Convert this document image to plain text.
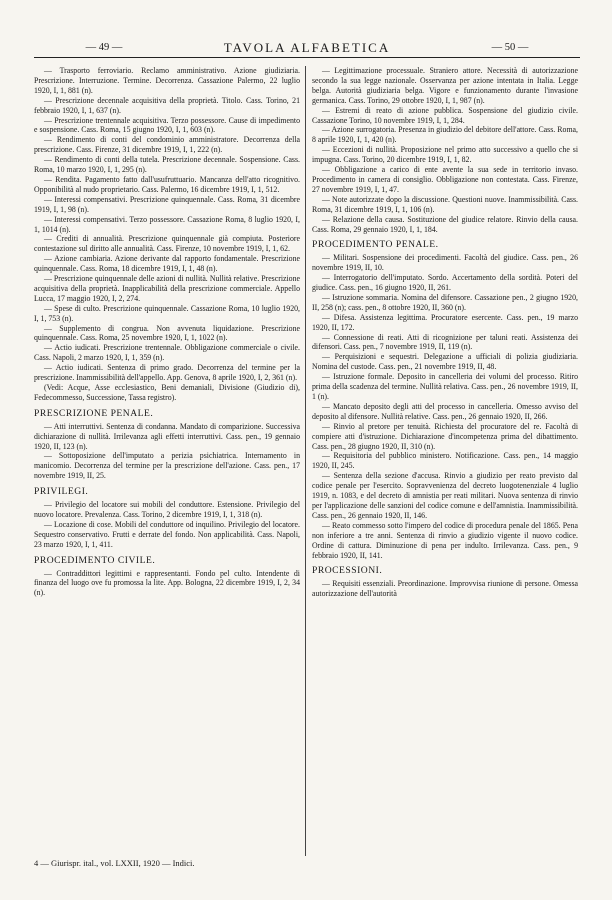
— 49 —	TAVOLA ALFABETICA	— 50 —

— Trasporto ferroviario. Reclamo amministrativo. Azione giudiziaria. Prescrizione. Interruzione. Termine. Decorrenza. Cassazione Palermo, 22 luglio 1920, I, 1, 881 (n).

— Prescrizione decennale acquisitiva della proprietà. Titolo. Cass. Torino, 21 febbraio 1920, I, 1, 637 (n).

— Prescrizione trentennale acquisitiva. Terzo possessore. Cause di impedimento e sospensione. Cass. Roma, 15 giugno 1920, I, 1, 603 (n).

— Rendimento di conti del condominio amministratore. Decorrenza della prescrizione. Cass. Firenze, 31 dicembre 1919, I, 1, 222 (n).

— Rendimento di conti della tutela. Prescrizione decennale. Sospensione. Cass. Roma, 10 marzo 1920, I, 1, 295 (n).

— Rendita. Pagamento fatto dall'usufruttuario. Mancanza dell'atto ricognitivo. Opponibilità al nudo proprietario. Cass. Palermo, 16 dicembre 1919, I, 1, 512.

— Interessi compensativi. Prescrizione quinquennale. Cass. Roma, 31 dicembre 1919, I, 1, 98 (n).

— Interessi compensativi. Terzo possessore. Cassazione Roma, 8 luglio 1920, I, 1, 1014 (n).

— Crediti di annualità. Prescrizione quinquennale già compiuta. Posteriore contestazione sul diritto alle annualità. Cass. Firenze, 10 novembre 1919, I, 1, 62.

— Azione cambiaria. Azione derivante dal rapporto fondamentale. Prescrizione quinquennale. Cass. Roma, 18 dicembre 1919, I, 1, 48 (n).

— Prescrizione quinquennale delle azioni di nullità. Nullità relative. Prescrizione acquisitiva della proprietà. Inapplicabilità della prescrizione commerciale. Appello Lucca, 17 maggio 1920, I, 2, 274.

— Spese di culto. Prescrizione quinquennale. Cassazione Roma, 10 luglio 1920, I, 1, 753 (n).

— Supplemento di congrua. Non avvenuta liquidazione. Prescrizione quinquennale. Cass. Roma, 25 novembre 1920, I, 1, 1022 (n).

— Actio iudicati. Prescrizione trentennale. Obbligazione commerciale o civile. Cass. Napoli, 2 marzo 1920, I, 1, 359 (n).

— Actio iudicati. Sentenza di primo grado. Decorrenza del termine per la prescrizione. Inammissibilità dell'appello. App. Genova, 8 aprile 1920, I, 2, 361 (n).

(Vedi: Acque, Asse ecclesiastico, Beni demaniali, Divisione (Giudizio di), Fedecommesso, Successione, Tassa registro).

PRESCRIZIONE PENALE.

— Atti interruttivi. Sentenza di condanna. Mandato di comparizione. Successiva dichiarazione di nullità. Irrilevanza agli effetti interruttivi. Cass. pen., 19 gennaio 1920, II, 123 (n).

— Sottoposizione dell'imputato a perizia psichiatrica. Internamento in manicomio. Decorrenza del termine per la prescrizione dell'azione. Cass. pen., 17 novembre 1919, II, 25.

PRIVILEGI.

— Privilegio del locatore sui mobili del conduttore. Estensione. Privilegio del nuovo locatore. Prevalenza. Cass. Torino, 2 dicembre 1919, I, 1, 318 (n).

— Locazione di cose. Mobili del conduttore od inquilino. Privilegio del locatore. Sequestro conservativo. Frutti e derrate del fondo. Non applicabilità. Cass. Napoli, 23 marzo 1920, I, 1, 411.

PROCEDIMENTO CIVILE.

— Contraddittori legittimi e rappresentanti. Fondo pel culto. Intendente di finanza del luogo ove fu promossa la lite. App. Bologna, 22 dicembre 1919, I, 2, 34 (n).

— Legittimazione processuale. Straniero attore. Necessità di autorizzazione secondo la sua legge nazionale. Osservanza per azione intentata in Italia. Legge belga. Autorità giudiziaria belga. Vigore e funzionamento durante l'invasione germanica. Cass. Torino, 29 ottobre 1920, I, 1, 987 (n).

— Estremi di reato di azione pubblica. Sospensione del giudizio civile. Cassazione Torino, 10 novembre 1919, I, 1, 284.

— Azione surrogatoria. Presenza in giudizio del debitore dell'attore. Cass. Roma, 8 aprile 1920, I, 1, 420 (n).

— Eccezioni di nullità. Proposizione nel primo atto successivo a quello che si impugna. Cass. Torino, 20 dicembre 1919, I, 1, 82.

— Obbligazione a carico di ente avente la sua sede in territorio invaso. Procedimento in camera di consiglio. Obbligazione non contestata. Cass. Firenze, 27 novembre 1919, I, 1, 47.

— Note autorizzate dopo la discussione. Questioni nuove. Inammissibilità. Cass. Roma, 31 dicembre 1919, I, 1, 106 (n).

— Relazione della causa. Sostituzione del giudice relatore. Rinvio della causa. Cass. Roma, 29 gennaio 1920, I, 1, 184.

PROCEDIMENTO PENALE.

— Militari. Sospensione dei procedimenti. Facoltà del giudice. Cass. pen., 26 novembre 1919, II, 10.

— Interrogatorio dell'imputato. Sordo. Accertamento della sordità. Poteri del giudice. Cass. pen., 16 giugno 1920, II, 261.

— Istruzione sommaria. Nomina del difensore. Cassazione pen., 2 giugno 1920, II, 258 (n); cass. pen., 8 ottobre 1920, II, 360 (n).

— Difesa. Assistenza legittima. Procuratore esercente. Cass. pen., 19 marzo 1920, II, 172.

— Connessione di reati. Atti di ricognizione per taluni reati. Assistenza dei difensori. Cass. pen., 7 novembre 1919, II, 119 (n).

— Perquisizioni e sequestri. Delegazione a ufficiali di polizia giudiziaria. Nomina del custode. Cass. pen., 21 novembre 1919, II, 48.

— Istruzione formale. Deposito in cancelleria dei volumi del processo. Ritiro prima della scadenza del termine. Nullità relativa. Cass. pen., 26 novembre 1919, II, 1 (n).

— Mancato deposito degli atti del processo in cancelleria. Omesso avviso del deposito al difensore. Nullità relative. Cass. pen., 26 gennaio 1920, II, 266.

— Rinvio al pretore per tenuità. Richiesta del procuratore del re. Facoltà di compiere atti d'istruzione. Dichiarazione d'incompetenza prima del dibattimento. Cass. pen., 28 giugno 1920, II, 310 (n).

— Requisitoria del pubblico ministero. Notificazione. Cass. pen., 14 maggio 1920, II, 245.

— Sentenza della sezione d'accusa. Rinvio a giudizio per reato previsto dal codice penale per l'esercito. Sopravvenienza del decreto luogotenenziale 4 luglio 1919, n. 1083, e del decreto di amnistia per reati militari. Nuova sentenza di rinvio per l'applicazione delle sanzioni del codice comune e dell'amnistia. Inammissibilità. Cass. pen., 26 gennaio 1920, II, 146.

— Reato commesso sotto l'impero del codice di procedura penale del 1865. Pena non inferiore a tre anni. Sentenza di rinvio a giudizio vigente il nuovo codice. Ordine di cattura. Diminuzione di pena per indulto. Irrilevanza. Cass. pen., 9 febbraio 1920, II, 141.

PROCESSIONI.

— Requisiti essenziali. Preordinazione. Improvvisa riunione di persone. Omessa autorizzazione dell'autorità

4 — Giurispr. ital., vol. LXXII, 1920 — Indici.
